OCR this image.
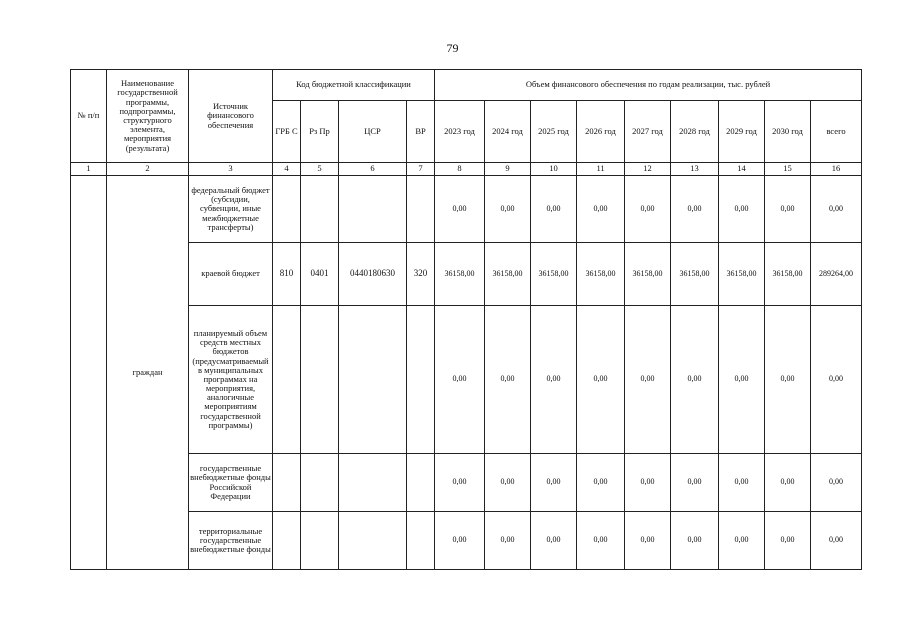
79
№ п/п	Наименование государственной программы, подпрограммы, структурного элемента, мероприятия (результата)	Источник финансового обеспечения	Код бюджетной классификации				Объем финансового обеспечения по годам реализации, тыс. рублей								
			ГРБ С	Рз Пр	ЦСР	ВР	2023 год	2024 год	2025 год	2026 год	2027 год	2028 год	2029 год	2030 год	всего
1	2	3	4	5	6	7	8	9	10	11	12	13	14	15	16
	граждан	федеральный бюджет (субсидии, субвенции, иные межбюджетные трансферты)					0,00	0,00	0,00	0,00	0,00	0,00	0,00	0,00	0,00
		краевой бюджет	810	0401	0440180630	320	36158,00	36158,00	36158,00	36158,00	36158,00	36158,00	36158,00	36158,00	289264,00
		планируемый объем средств местных бюджетов (предусматриваемый в муниципальных программах на мероприятия, аналогичные мероприятиям государственной программы)					0,00	0,00	0,00	0,00	0,00	0,00	0,00	0,00	0,00
		государственные внебюджетные фонды Российской Федерации					0,00	0,00	0,00	0,00	0,00	0,00	0,00	0,00	0,00
		территориальные государственные внебюджетные фонды					0,00	0,00	0,00	0,00	0,00	0,00	0,00	0,00	0,00
